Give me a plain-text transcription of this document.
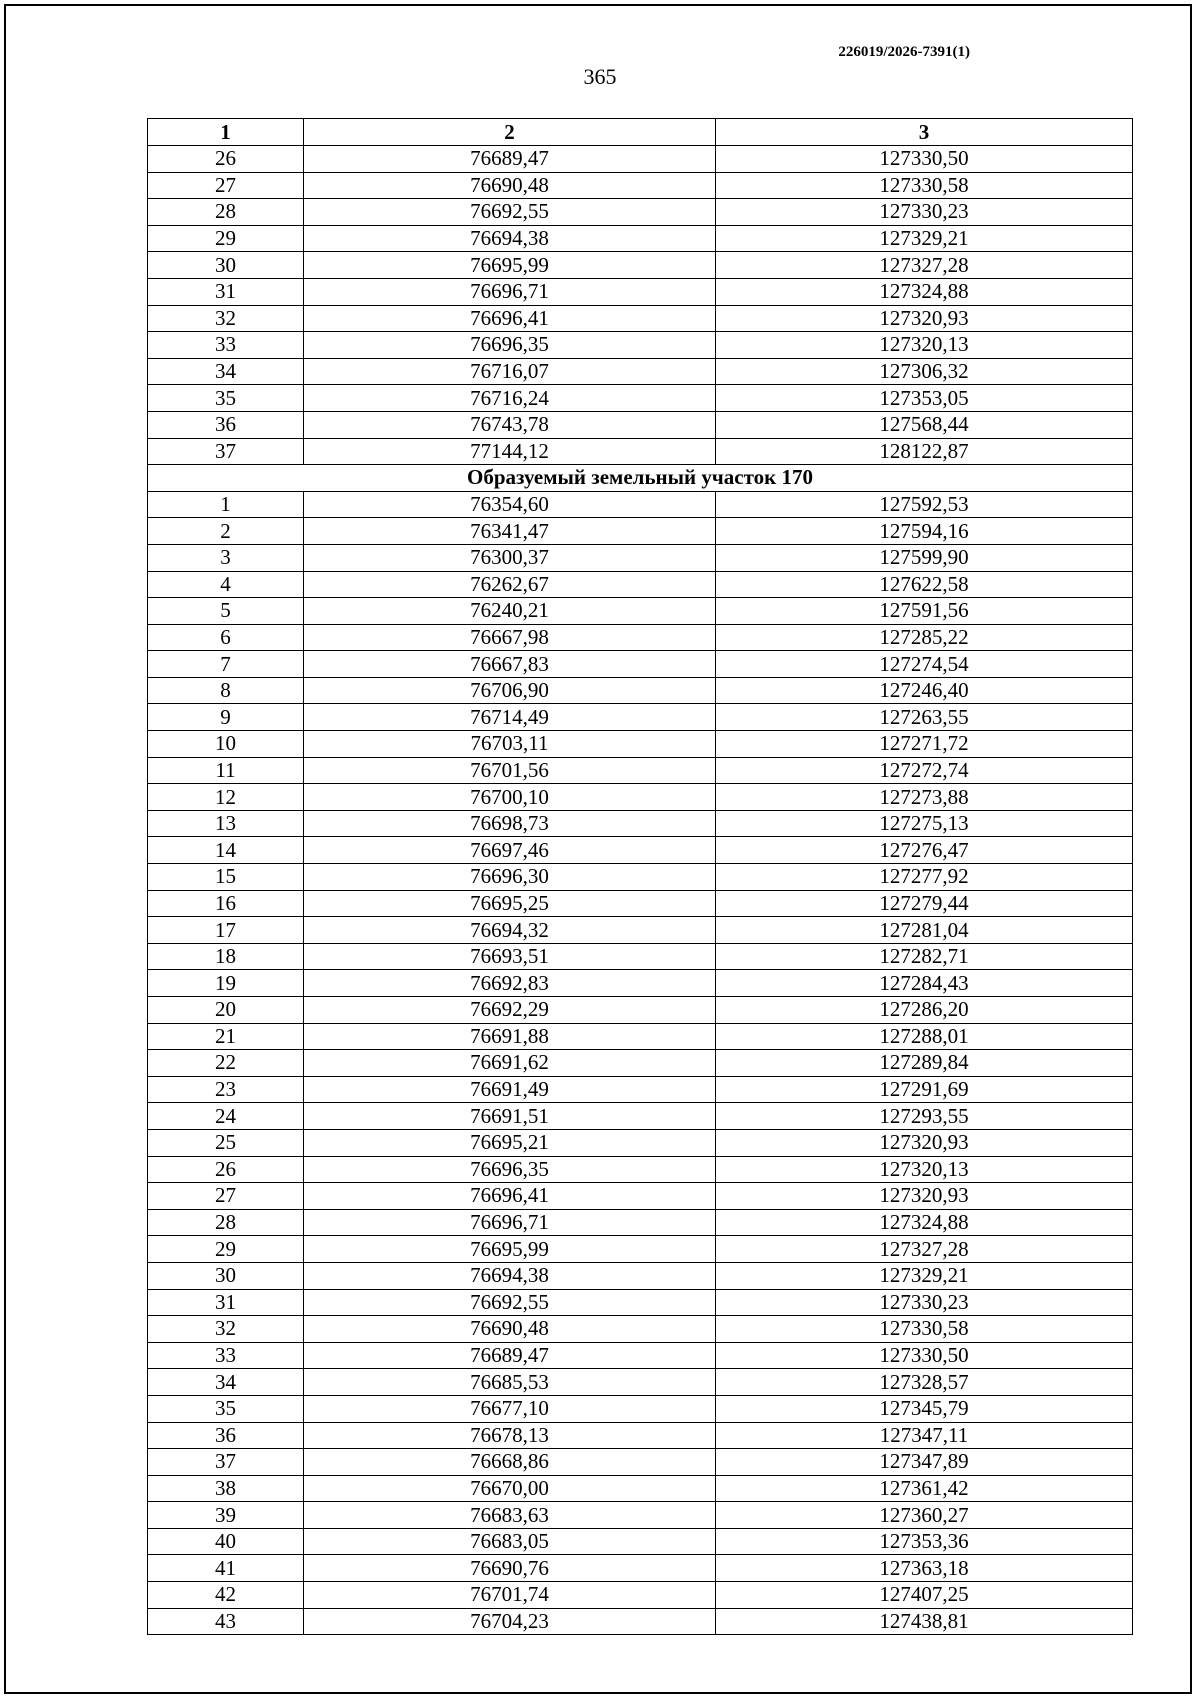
226019/2026-7391(1)
365
1	2	3
26	76689,47	127330,50
27	76690,48	127330,58
28	76692,55	127330,23
29	76694,38	127329,21
30	76695,99	127327,28
31	76696,71	127324,88
32	76696,41	127320,93
33	76696,35	127320,13
34	76716,07	127306,32
35	76716,24	127353,05
36	76743,78	127568,44
37	77144,12	128122,87
Образуемый земельный участок 170		
1	76354,60	127592,53
2	76341,47	127594,16
3	76300,37	127599,90
4	76262,67	127622,58
5	76240,21	127591,56
6	76667,98	127285,22
7	76667,83	127274,54
8	76706,90	127246,40
9	76714,49	127263,55
10	76703,11	127271,72
11	76701,56	127272,74
12	76700,10	127273,88
13	76698,73	127275,13
14	76697,46	127276,47
15	76696,30	127277,92
16	76695,25	127279,44
17	76694,32	127281,04
18	76693,51	127282,71
19	76692,83	127284,43
20	76692,29	127286,20
21	76691,88	127288,01
22	76691,62	127289,84
23	76691,49	127291,69
24	76691,51	127293,55
25	76695,21	127320,93
26	76696,35	127320,13
27	76696,41	127320,93
28	76696,71	127324,88
29	76695,99	127327,28
30	76694,38	127329,21
31	76692,55	127330,23
32	76690,48	127330,58
33	76689,47	127330,50
34	76685,53	127328,57
35	76677,10	127345,79
36	76678,13	127347,11
37	76668,86	127347,89
38	76670,00	127361,42
39	76683,63	127360,27
40	76683,05	127353,36
41	76690,76	127363,18
42	76701,74	127407,25
43	76704,23	127438,81
